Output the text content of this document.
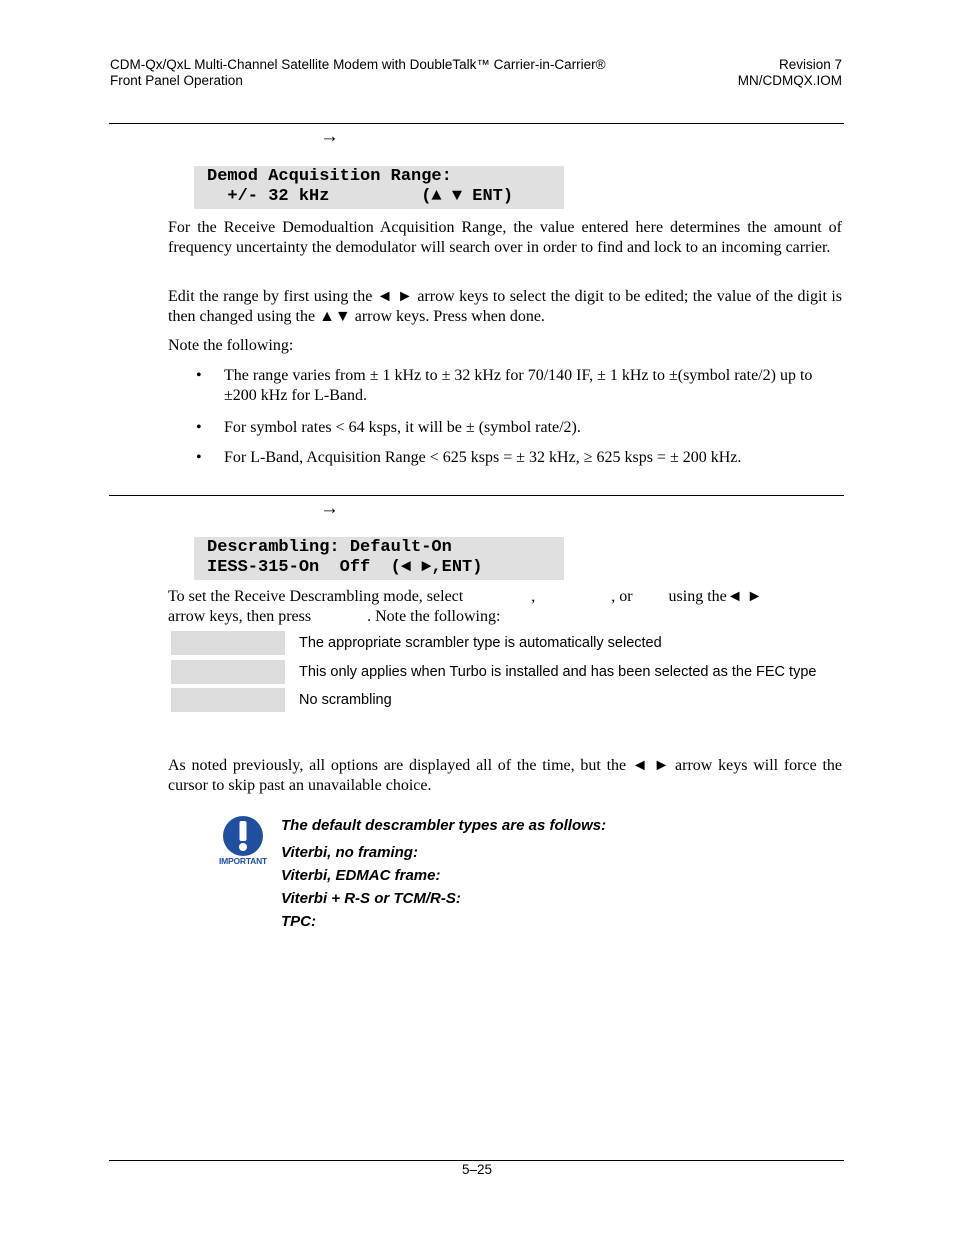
CDM-Qx/QxL Multi-Channel Satellite Modem with DoubleTalk™ Carrier-in-Carrier®
Front Panel Operation
Revision 7
MN/CDMQX.IOM
→
Demod Acquisition Range:
+/- 32 kHz         (▲ ▼ ENT)
For the Receive Demodualtion Acquisition Range, the value entered here determines the amount of frequency uncertainty the demodulator will search over in order to find and lock to an incoming carrier.
Edit the range by first using the ◄ ► arrow keys to select the digit to be edited; the value of the digit is then changed using the ▲▼ arrow keys. Press when done.
Note the following:
• The range varies from ± 1 kHz to ± 32 kHz for 70/140 IF, ± 1 kHz to ±(symbol rate/2) up to ±200 kHz for L-Band.
• For symbol rates < 64 ksps, it will be ± (symbol rate/2).
• For L-Band, Acquisition Range < 625 ksps = ± 32 kHz, ≥ 625 ksps = ± 200 kHz.
→
Descrambling: Default-On
IESS-315-On  Off  (◄ ►,ENT)
To set the Receive Descrambling mode, select                 ,                   , or         using the◄ ►
arrow keys, then press              . Note the following:
The appropriate scrambler type is automatically selected
This only applies when Turbo is installed and has been selected as the FEC type
No scrambling
As noted previously, all options are displayed all of the time, but the ◄ ► arrow keys will force the cursor to skip past an unavailable choice.
IMPORTANT
The default descrambler types are as follows:
Viterbi, no framing:
Viterbi, EDMAC frame:
Viterbi + R-S or TCM/R-S:
TPC:
5–25
